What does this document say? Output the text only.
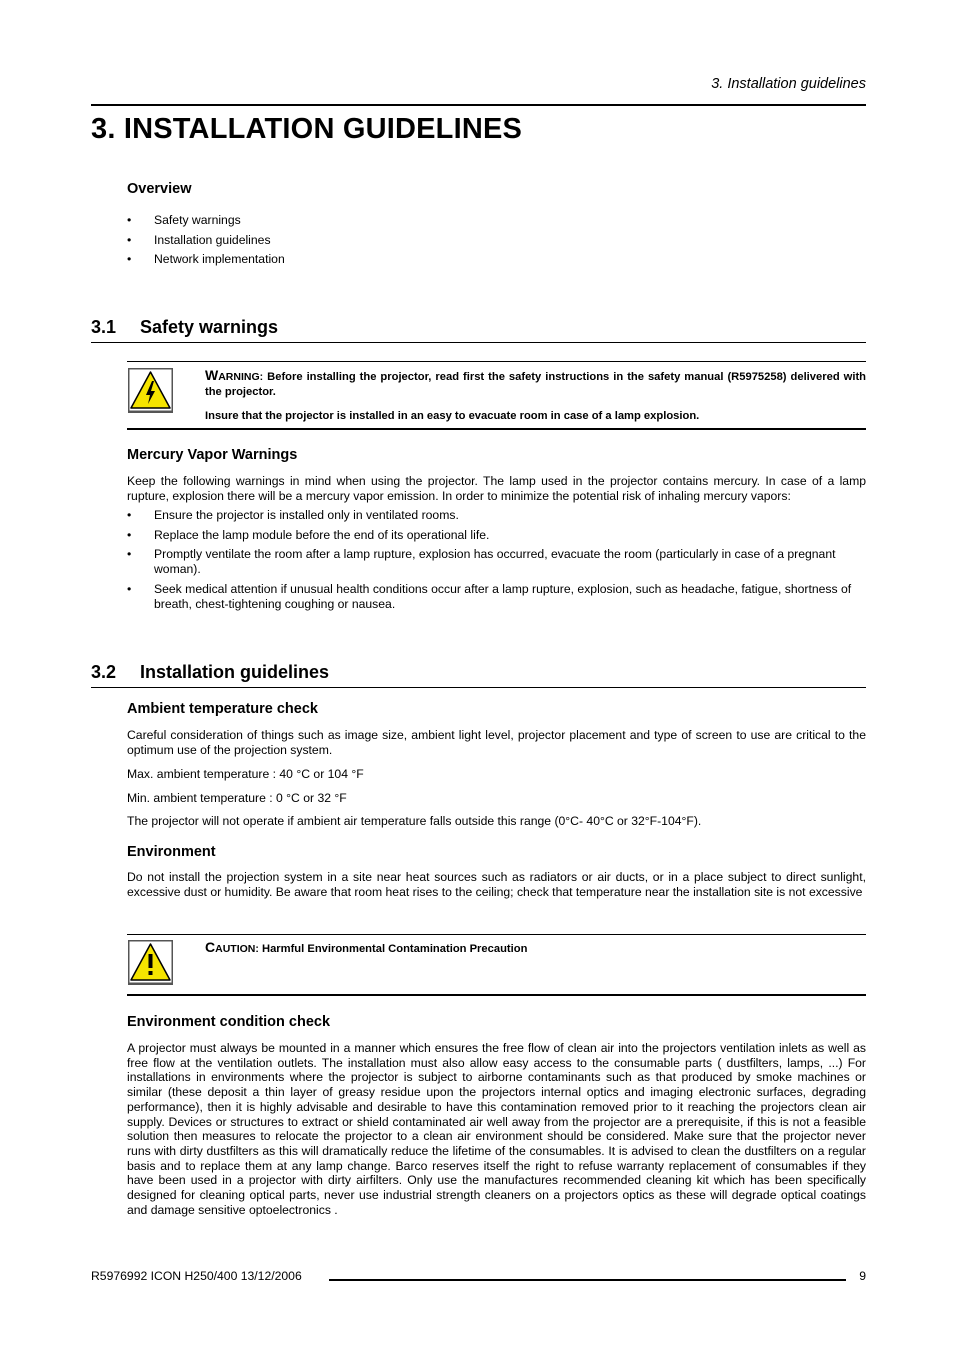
3. Installation guidelines
3. INSTALLATION GUIDELINES
Overview
• Safety warnings
• Installation guidelines
• Network implementation
3.1 Safety warnings

WARNING: Before installing the projector, read first the safety instructions in the safety manual (R5975258) delivered with the projector.

Insure that the projector is installed in an easy to evacuate room in case of a lamp explosion.

Mercury Vapor Warnings

Keep the following warnings in mind when using the projector. The lamp used in the projector contains mercury. In case of a lamp rupture, explosion there will be a mercury vapor emission. In order to minimize the potential risk of inhaling mercury vapors:

• Ensure the projector is installed only in ventilated rooms.
• Replace the lamp module before the end of its operational life.
• Promptly ventilate the room after a lamp rupture, explosion has occurred, evacuate the room (particularly in case of a pregnant woman).
• Seek medical attention if unusual health conditions occur after a lamp rupture, explosion, such as headache, fatigue, shortness of breath, chest-tightening coughing or nausea.
3.2 Installation guidelines
Ambient temperature check

Careful consideration of things such as image size, ambient light level, projector placement and type of screen to use are critical to the optimum use of the projection system.

Max. ambient temperature : 40 °C or 104 °F

Min. ambient temperature : 0 °C or 32 °F

The projector will not operate if ambient air temperature falls outside this range (0°C- 40°C or 32°F-104°F).

Environment

Do not install the projection system in a site near heat sources such as radiators or air ducts, or in a place subject to direct sunlight, excessive dust or humidity. Be aware that room heat rises to the ceiling; check that temperature near the installation site is not excessive

CAUTION: Harmful Environmental Contamination Precaution

Environment condition check

A projector must always be mounted in a manner which ensures the free flow of clean air into the projectors ventilation inlets as well as free flow at the ventilation outlets. The installation must also allow easy access to the consumable parts ( dustfilters, lamps, ...) For installations in environments where the projector is subject to airborne contaminants such as that produced by smoke machines or similar (these deposit a thin layer of greasy residue upon the projectors internal optics and imaging electronic surfaces, degrading performance), then it is highly advisable and desirable to have this contamination removed prior to it reaching the projectors clean air supply. Devices or structures to extract or shield contaminated air well away from the projector are a prerequisite, if this is not a feasible solution then measures to relocate the projector to a clean air environment should be considered. Make sure that the projector never runs with dirty dustfilters as this will dramatically reduce the lifetime of the consumables. It is advised to clean the dustfilters on a regular basis and to replace them at any lamp change. Barco reserves itself the right to refuse warranty replacement of consumables if they have been used in a projector with dirty airfilters. Only use the manufactures recommended cleaning kit which has been specifically designed for cleaning optical parts, never use industrial strength cleaners on a projectors optics as these will degrade optical coatings and damage sensitive optoelectronics .

R5976992 ICON H250/400 13/12/2006	9
